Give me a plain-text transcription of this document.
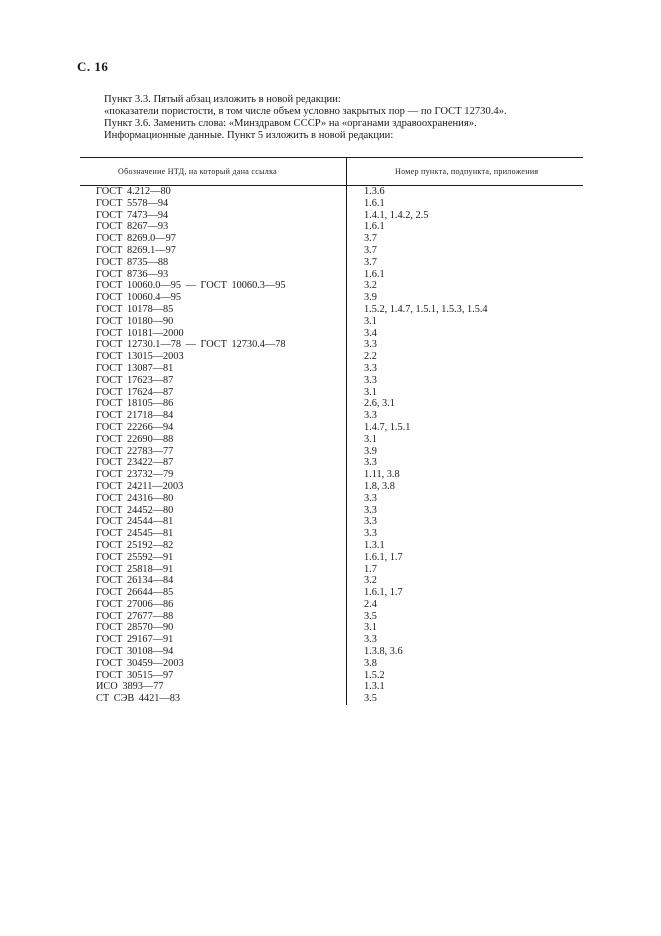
С. 16
Пункт 3.3. Пятый абзац изложить в новой редакции:
«показатели пористости, в том числе объем условно закрытых пор — по ГОСТ 12730.4».
Пункт 3.6. Заменить слова: «Минздравом СССР» на «органами здравоохранения».
Информационные данные. Пункт 5 изложить в новой редакции:
Обозначение НТД, на который дана ссылка	Номер пункта, подпункта, приложения
ГОСТ 4.212—80	1.3.6
ГОСТ 5578—94	1.6.1
ГОСТ 7473—94	1.4.1, 1.4.2, 2.5
ГОСТ 8267—93	1.6.1
ГОСТ 8269.0—97	3.7
ГОСТ 8269.1—97	3.7
ГОСТ 8735—88	3.7
ГОСТ 8736—93	1.6.1
ГОСТ 10060.0—95 — ГОСТ 10060.3—95	3.2
ГОСТ 10060.4—95	3.9
ГОСТ 10178—85	1.5.2, 1.4.7, 1.5.1, 1.5.3, 1.5.4
ГОСТ 10180—90	3.1
ГОСТ 10181—2000	3.4
ГОСТ 12730.1—78 — ГОСТ 12730.4—78	3.3
ГОСТ 13015—2003	2.2
ГОСТ 13087—81	3.3
ГОСТ 17623—87	3.3
ГОСТ 17624—87	3.1
ГОСТ 18105—86	2.6, 3.1
ГОСТ 21718—84	3.3
ГОСТ 22266—94	1.4.7, 1.5.1
ГОСТ 22690—88	3.1
ГОСТ 22783—77	3.9
ГОСТ 23422—87	3.3
ГОСТ 23732—79	1.11, 3.8
ГОСТ 24211—2003	1.8, 3.8
ГОСТ 24316—80	3.3
ГОСТ 24452—80	3.3
ГОСТ 24544—81	3.3
ГОСТ 24545—81	3.3
ГОСТ 25192—82	1.3.1
ГОСТ 25592—91	1.6.1, 1.7
ГОСТ 25818—91	1.7
ГОСТ 26134—84	3.2
ГОСТ 26644—85	1.6.1, 1.7
ГОСТ 27006—86	2.4
ГОСТ 27677—88	3.5
ГОСТ 28570—90	3.1
ГОСТ 29167—91	3.3
ГОСТ 30108—94	1.3.8, 3.6
ГОСТ 30459—2003	3.8
ГОСТ 30515—97	1.5.2
ИСО 3893—77	1.3.1
СТ СЭВ 4421—83	3.5
